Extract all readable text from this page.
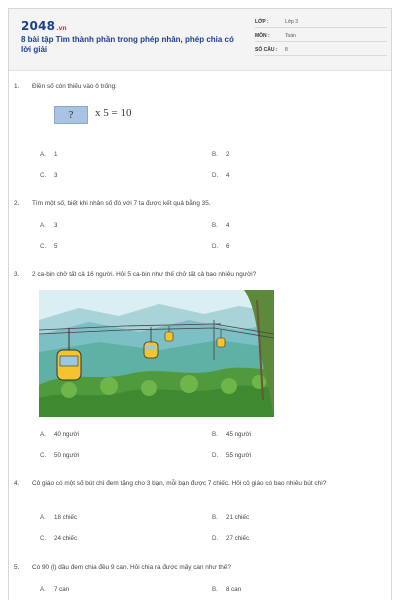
2048.vn
8 bài tập Tìm thành phần trong phép nhân, phép chia có lời giải
LỚP :	Lớp 3
MÔN :	Toán
SỐ CÂU : 8
1. Điền số còn thiếu vào ô trống:
?	x 5 = 10
A. 1	B. 2
C. 3	D. 4
2. Tìm một số, biết khi nhân số đó với 7 ta được kết quả bằng 35.
A. 3	B. 4
C. 5	D. 6
3. 2 ca-bin chở tất cả 16 người. Hỏi 5 ca-bin như thế chở tất cả bao nhiêu người?
A. 40 người	B. 45 người
C. 50 người	D. 55 người
4. Cô giáo có một số bút chì đem tặng cho 3 bạn, mỗi bạn được 7 chiếc. Hỏi cô giáo có bao nhiêu bút chì?
A. 18 chiếc	B. 21 chiếc
C. 24 chiếc	D. 27 chiếc
5. Có 90 (l) dầu đem chia đều 9 can. Hỏi chia ra được mấy can như thế?
A. 7 can	B. 8 can
